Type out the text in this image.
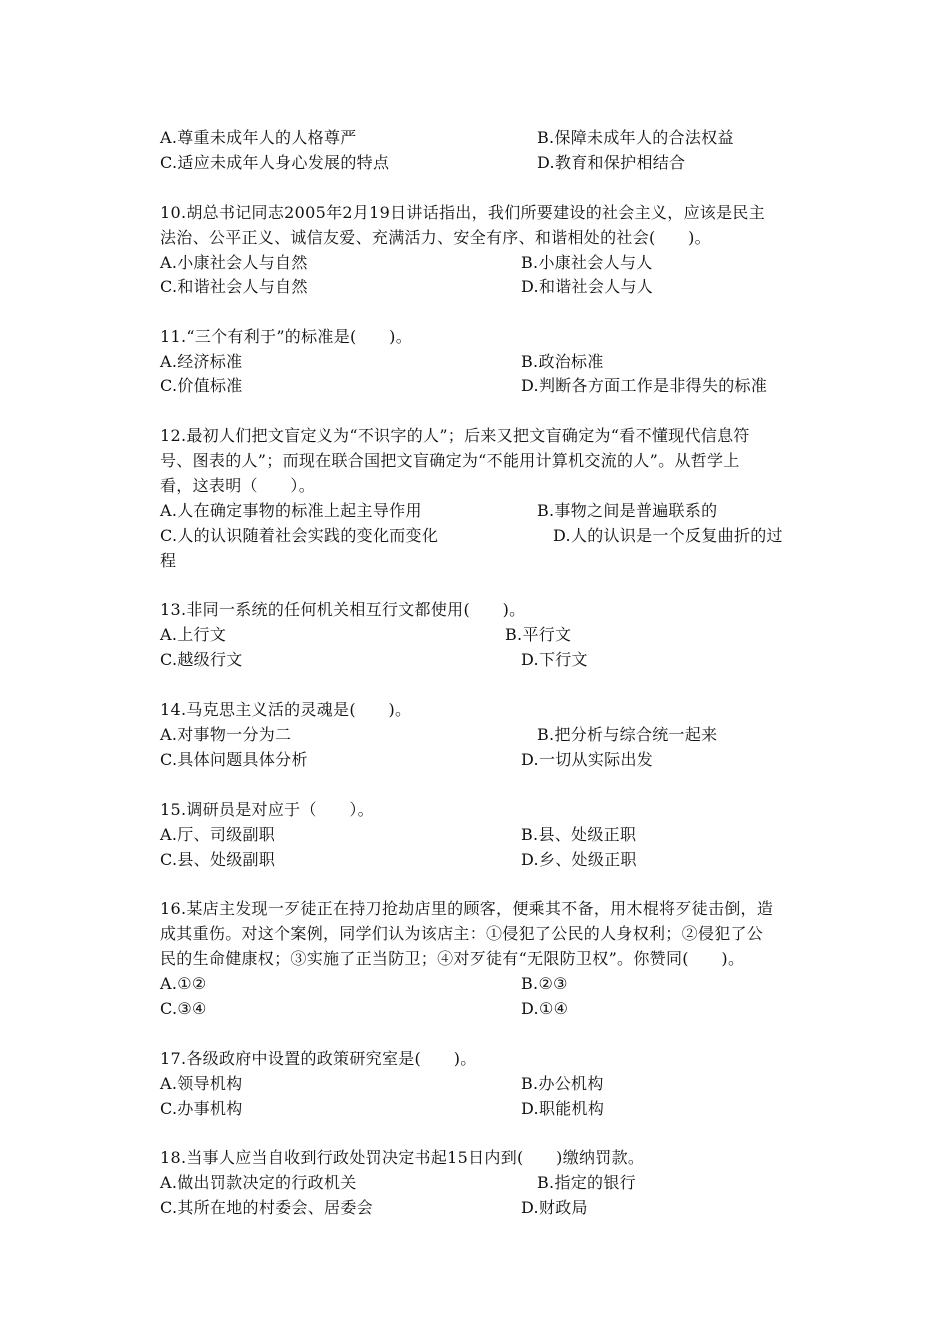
A.尊重未成年人的人格尊严	B.保障未成年人的合法权益
C.适应未成年人身心发展的特点	D.教育和保护相结合
10.胡总书记同志2005年2月19日讲话指出，我们所要建设的社会主义，应该是民主
法治、公平正义、诚信友爱、充满活力、安全有序、和谐相处的社会(　　)。
A.小康社会人与自然	B.小康社会人与人
C.和谐社会人与自然	D.和谐社会人与人
11.“三个有利于”的标准是(　　)。
A.经济标准	B.政治标准
C.价值标准	D.判断各方面工作是非得失的标准
12.最初人们把文盲定义为“不识字的人”；后来又把文盲确定为“看不懂现代信息符
号、图表的人”；而现在联合国把文盲确定为“不能用计算机交流的人”。从哲学上
看，这表明（　　）。
A.人在确定事物的标准上起主导作用	B.事物之间是普遍联系的
C.人的认识随着社会实践的变化而变化	D.人的认识是一个反复曲折的过
程
13.非同一系统的任何机关相互行文都使用(　　)。
A.上行文	B.平行文
C.越级行文	D.下行文
14.马克思主义活的灵魂是(　　)。
A.对事物一分为二	B.把分析与综合统一起来
C.具体问题具体分析	D.一切从实际出发
15.调研员是对应于（　　）。
A.厅、司级副职	B.县、处级正职
C.县、处级副职	D.乡、处级正职
16.某店主发现一歹徒正在持刀抢劫店里的顾客，便乘其不备，用木棍将歹徒击倒，造
成其重伤。对这个案例，同学们认为该店主：①侵犯了公民的人身权利；②侵犯了公
民的生命健康权；③实施了正当防卫；④对歹徒有“无限防卫权”。你赞同(　　)。
A.①②	B.②③
C.③④	D.①④
17.各级政府中设置的政策研究室是(　　)。
A.领导机构	B.办公机构
C.办事机构	D.职能机构
18.当事人应当自收到行政处罚决定书起15日内到(　　)缴纳罚款。
A.做出罚款决定的行政机关	B.指定的银行
C.其所在地的村委会、居委会	D.财政局
